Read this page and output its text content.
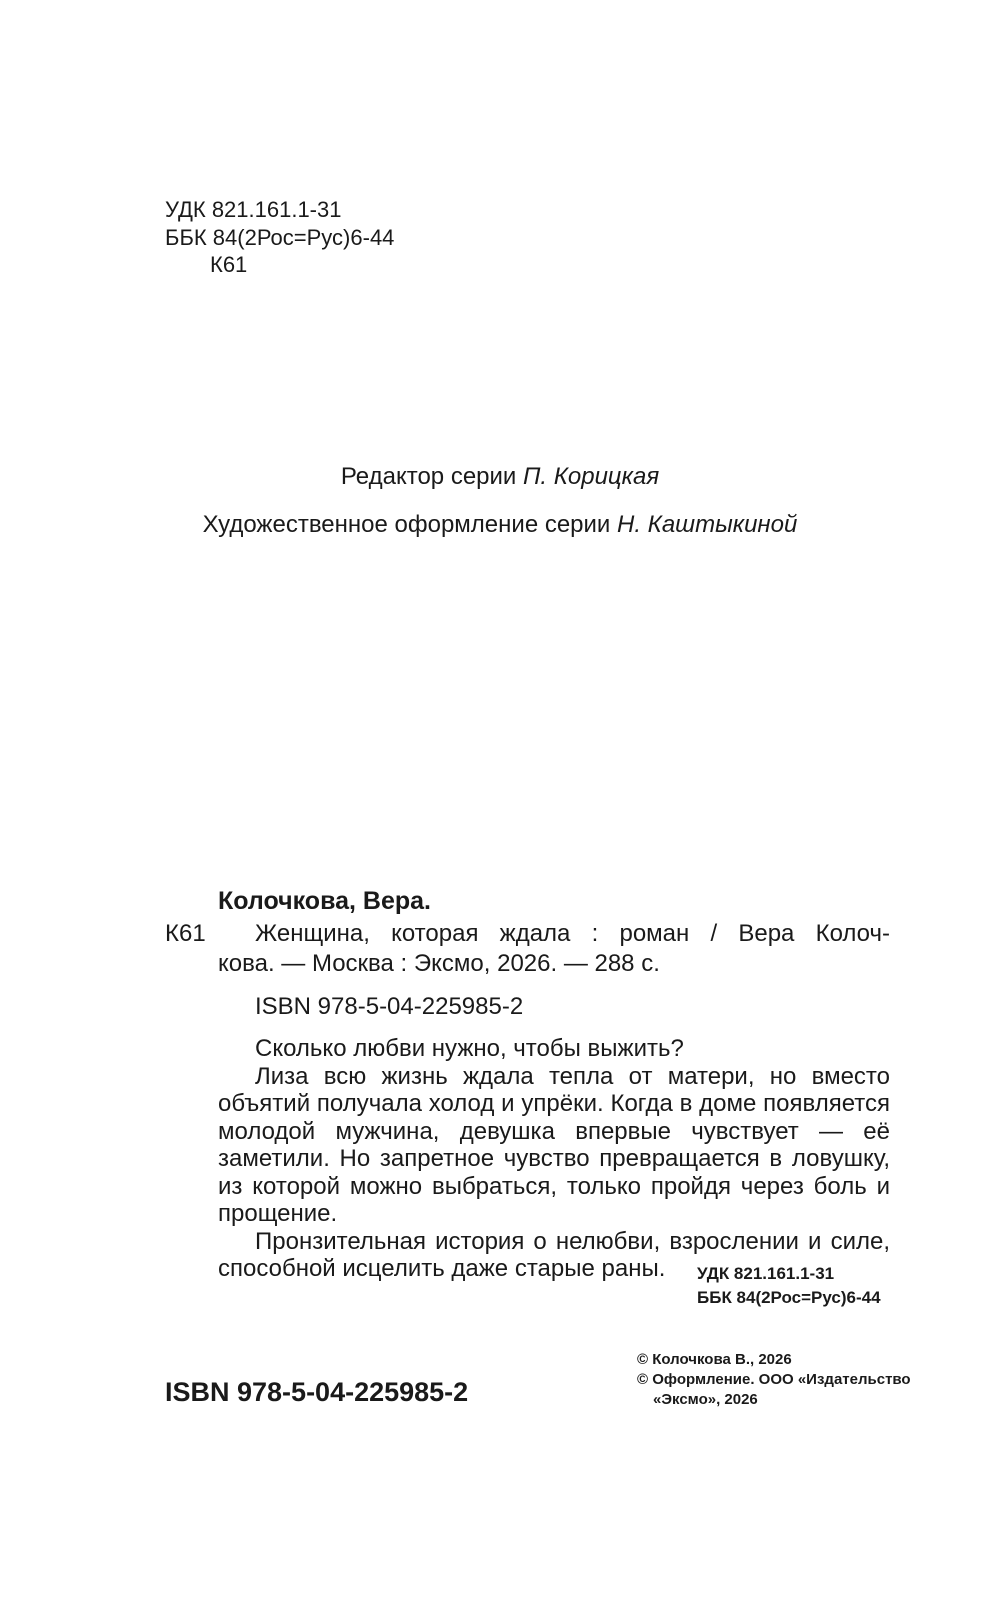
УДК 821.161.1-31
ББК 84(2Рос=Рус)6-44
К61
Редактор серии П. Корицкая
Художественное оформление серии Н. Каштыкиной
Колочкова, Вера.
К61	Женщина, которая ждала : роман / Вера Колоч-
кова. — Москва : Эксмо, 2026. — 288 с.
ISBN 978-5-04-225985-2

Сколько любви нужно, чтобы выжить?

Лиза всю жизнь ждала тепла от матери, но вместо объятий получала холод и упрёки. Когда в доме появляется молодой мужчина, девушка впервые чувствует — её заметили. Но запретное чувство превращается в ловушку, из которой можно выбраться, только пройдя через боль и прощение.

Пронзительная история о нелюбви, взрослении и силе, способной исцелить даже старые раны.	УДК 821.161.1-31
ББК 84(2Рос=Рус)6-44
ISBN 978-5-04-225985-2
© Колочкова В., 2026
© Оформление. ООО «Издательство
«Эксмо», 2026
